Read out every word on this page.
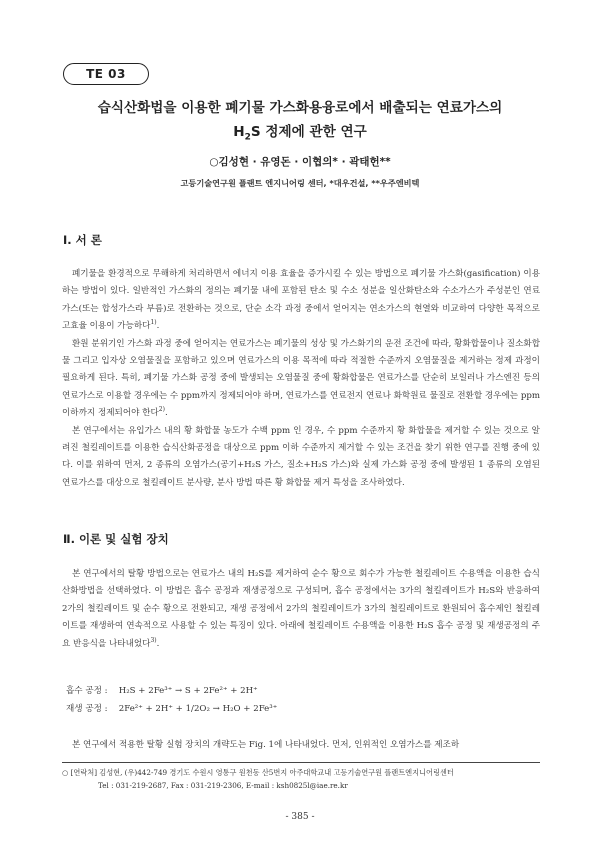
TE 03
습식산화법을 이용한 폐기물 가스화용융로에서 배출되는 연료가스의
$H_2S$ 정제에 관한 연구
○김성현 · 유영돈 · 이협의* · 곽태헌**
고등기술연구원 플랜트 엔지니어링 센터, *대우건설, **우주엔비텍
Ⅰ. 서 론

폐기물을 환경적으로 무해하게 처리하면서 에너지 이용 효율을 증가시킬 수 있는 방법으로 폐기물 가스화(gasification) 이용하는 방법이 있다. 일반적인 가스화의 정의는 폐기물 내에 포함된 탄소 및 수소 성분을 일산화탄소와 수소가스가 주성분인 연료가스(또는 합성가스라 부름)로 전환하는 것으로, 단순 소각 과정 중에서 얻어지는 연소가스의 현열와 비교하여 다양한 목적으로 고효율 이용이 가능하다$^{1)}$.

환원 분위기인 가스화 과정 중에 얻어지는 연료가스는 폐기물의 성상 및 가스화기의 운전 조건에 따라, 황화합물이나 질소화합물 그리고 입자상 오염물질을 포함하고 있으며 연료가스의 이용 목적에 따라 적절한 수준까지 오염물질을 제거하는 정제 과정이 필요하게 된다. 특히, 폐기물 가스화 공정 중에 발생되는 오염물질 중에 황화합물은 연료가스를 단순히 보일러나 가스엔진 등의 연료가스로 이용할 경우에는 수 ppm까지 정제되어야 하며, 연료가스를 연료전지 연료나 화학원료 물질로 전환할 경우에는 ppm 이하까지 정제되어야 한다$^{2)}$.

본 연구에서는 유입가스 내의 황 화합물 농도가 수백 ppm 인 경우, 수 ppm 수준까지 황 화합물을 제거할 수 있는 것으로 알려진 철킬레이트를 이용한 습식산화공정을 대상으로 ppm 이하 수준까지 제거할 수 있는 조건을 찾기 위한 연구를 진행 중에 있다. 이를 위하여 먼저, 2 종류의 오염가스(공기+H₂S 가스, 질소+H₂S 가스)와 실제 가스화 공정 중에 발생된 1 종류의 오염된 연료가스를 대상으로 철킬레이트 분사량, 분사 방법 따른 황 화합물 제거 특성을 조사하였다.

Ⅱ. 이론 및 실험 장치

본 연구에서의 탈황 방법으로는 연료가스 내의 H₂S를 제거하여 순수 황으로 회수가 가능한 철킬레이트 수용액을 이용한 습식산화방법을 선택하였다. 이 방법은 흡수 공정과 재생공정으로 구성되며, 흡수 공정에서는 3가의 철킬레이트가 H₂S와 반응하여 2가의 철킬레이트 및 순수 황으로 전환되고, 재생 공정에서 2가의 철킬레이트가 3가의 철킬레이트로 환원되어 흡수제인 철킬레이트를 재생하여 연속적으로 사용할 수 있는 특징이 있다. 아래에 철킬레이트 수용액을 이용한 H₂S 흡수 공정 및 재생공정의 주요 반응식을 나타내었다$^{3)}$.

흡수 공정 : H₂S + 2Fe³⁺ → S + 2Fe²⁺ + 2H⁺
재생 공정 : 2Fe²⁺ + 2H⁺ + 1/2O₂ → H₂O + 2Fe³⁺
본 연구에서 적용한 탈황 실험 장치의 개략도는 Fig. 1에 나타내었다. 먼저, 인위적인 오염가스를 제조하
○ [연락처] 김성현, (우)442-749 경기도 수원시 영통구 원천동 산5번지 아주대학교내 고등기술연구원 플랜트엔지니어링센터
Tel : 031-219-2687, Fax : 031-219-2306, E-mail : ksh0825l@iae.re.kr
- 385 -
